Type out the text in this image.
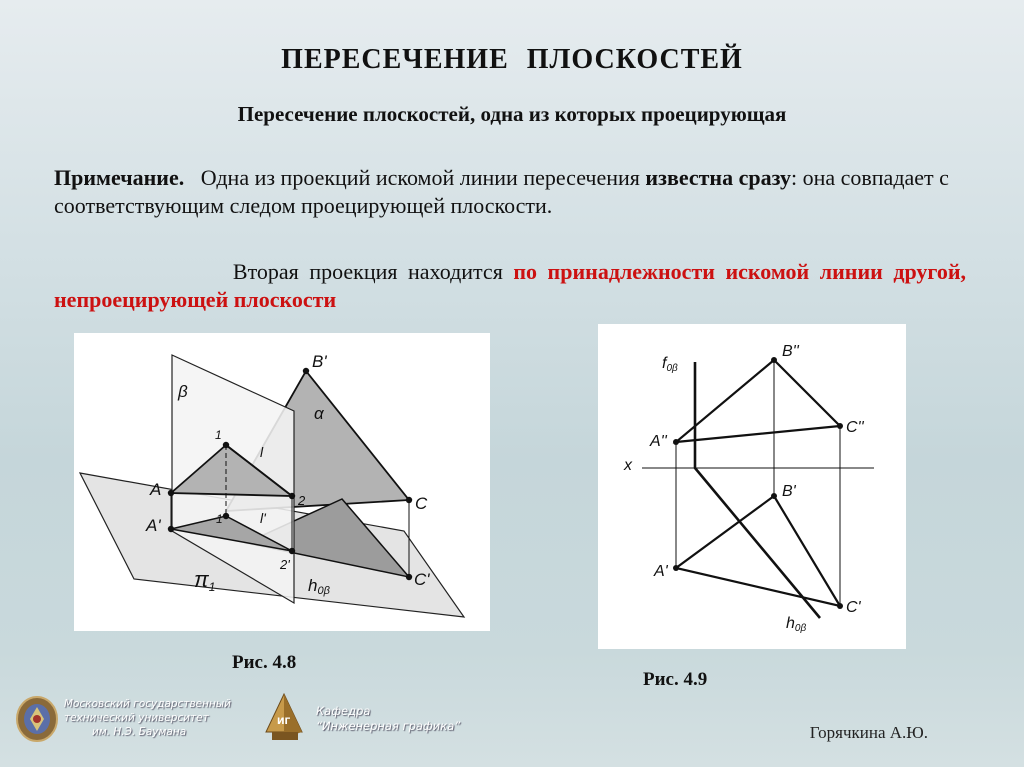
ПЕРЕСЕЧЕНИЕ ПЛОСКОСТЕЙ
Пересечение плоскостей, одна из которых проецирующая
Примечание. Одна из проекций искомой линии пересечения известна сразу: она совпадает с соответствующим следом проецирующей плоскости.
Вторая проекция находится по принадлежности искомой линии другой, непроецирующей плоскости
β
α
B'
1
l
A
2	C
A'	1'	l'
2'
C'
h0β
π1
Рис. 4.8
f0β
B''
A''
C''
x
B'
A'
C'
h0β
Рис. 4.9
Московский государственный
технический университет
им. Н.Э. Баумана
ИГ
Кафедра
“Инженерная графика”	Горячкина А.Ю.
